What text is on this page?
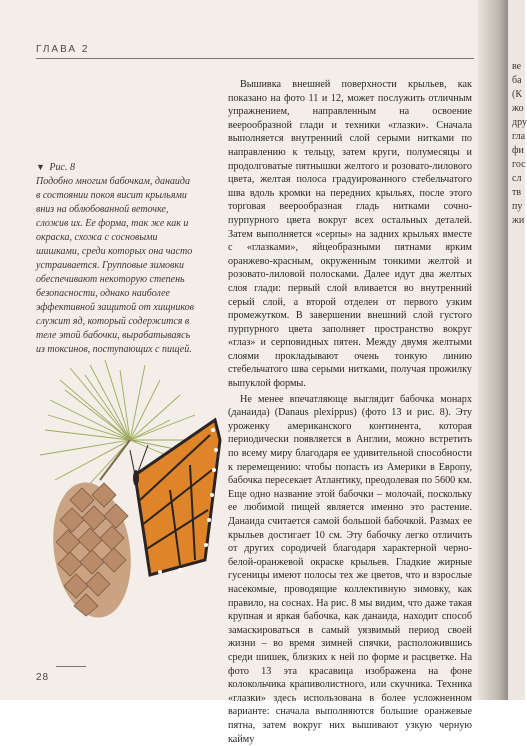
ГЛАВА 2
▼ Рис. 8
Подобно многим бабочкам, данаида в состоянии покоя висит крыльями вниз на облюбованной веточке, сложив их. Ее форма, так же как и окраска, схожа с сосновыми шишками, среди которых она часто устраивается. Групповые зимовки обеспечивают некоторую степень безопасности, однако наиболее эффективной защитой от хищников служит яд, который содержится в теле этой бабочки, вырабатываясь из токсинов, поступающих с пищей.

Вышивка внешней поверхности крыльев, как показано на фото 11 и 12, может послужить отличным упражнением, направленным на освоение веерообразной глади и техники «глазки». Сначала выполняется внутренний слой серыми нитками по направлению к тельцу, затем круги, полумесяцы и продолговатые пятнышки желтого и розовато-лилового цвета, желтая полоса градуированного стебельчатого шва вдоль кромки на передних крыльях, после этого торговая веерообразная гладь нитками сочно-пурпурного цвета вокруг всех остальных деталей. Затем выполняется «серпы» на задних крыльях вместе с «глазками», яйцеобразными пятнами ярким оранжево-красным, окруженным тонкими желтой и розовато-лиловой полосками. Далее идут два желтых слоя глади: первый слой вливается во внутренний серый слой, а второй отделен от первого узким промежутком. В завершении внешний слой густого пурпурного цвета заполняет пространство вокруг «глаз» и серповидных пятен. Между двумя желтыми слоями прокладывают очень тонкую линию стебельчатого шва серыми нитками, получая прожилку выпуклой формы.

Не менее впечатляюще выглядит бабочка монарх (данаида) (Danaus plexippus) (фото 13 и рис. 8). Эту уроженку американского континента, которая периодически появляется в Англии, можно встретить по всему миру благодаря ее удивительной способности к перемещению: чтобы попасть из Америки в Европу, бабочка пересекает Атлантику, преодолевая по 5600 км. Еще одно название этой бабочки – молочай, поскольку ее любимой пищей является именно это растение. Данаида считается самой большой бабочкой. Размах ее крыльев достигает 10 см. Эту бабочку легко отличить от других сородичей благодаря характерной черно-белой-оранжевой окраске крыльев. Гладкие жирные гусеницы имеют полосы тех же цветов, что и взрослые насекомые, проводящие коллективную зимовку, как правило, на соснах. На рис. 8 мы видим, что даже такая крупная и яркая бабочка, как данаида, находит способ замаскироваться в самый уязвимый период своей жизни – во время зимней спячки, расположившись среди шишек, близких к ней по форме и расцветке. На фото 13 эта красавица изображена на фоне колокольчика крапиволистного, или скучника. Техника «глазки» здесь использована в более усложненном варианте: сначала выполняются большие оранжевые пятна, затем вокруг них вышивают узкую черную кайму

ве
ба
(К
жо
дру
гла
фи
гос
сл
тв
пу
жи
28
